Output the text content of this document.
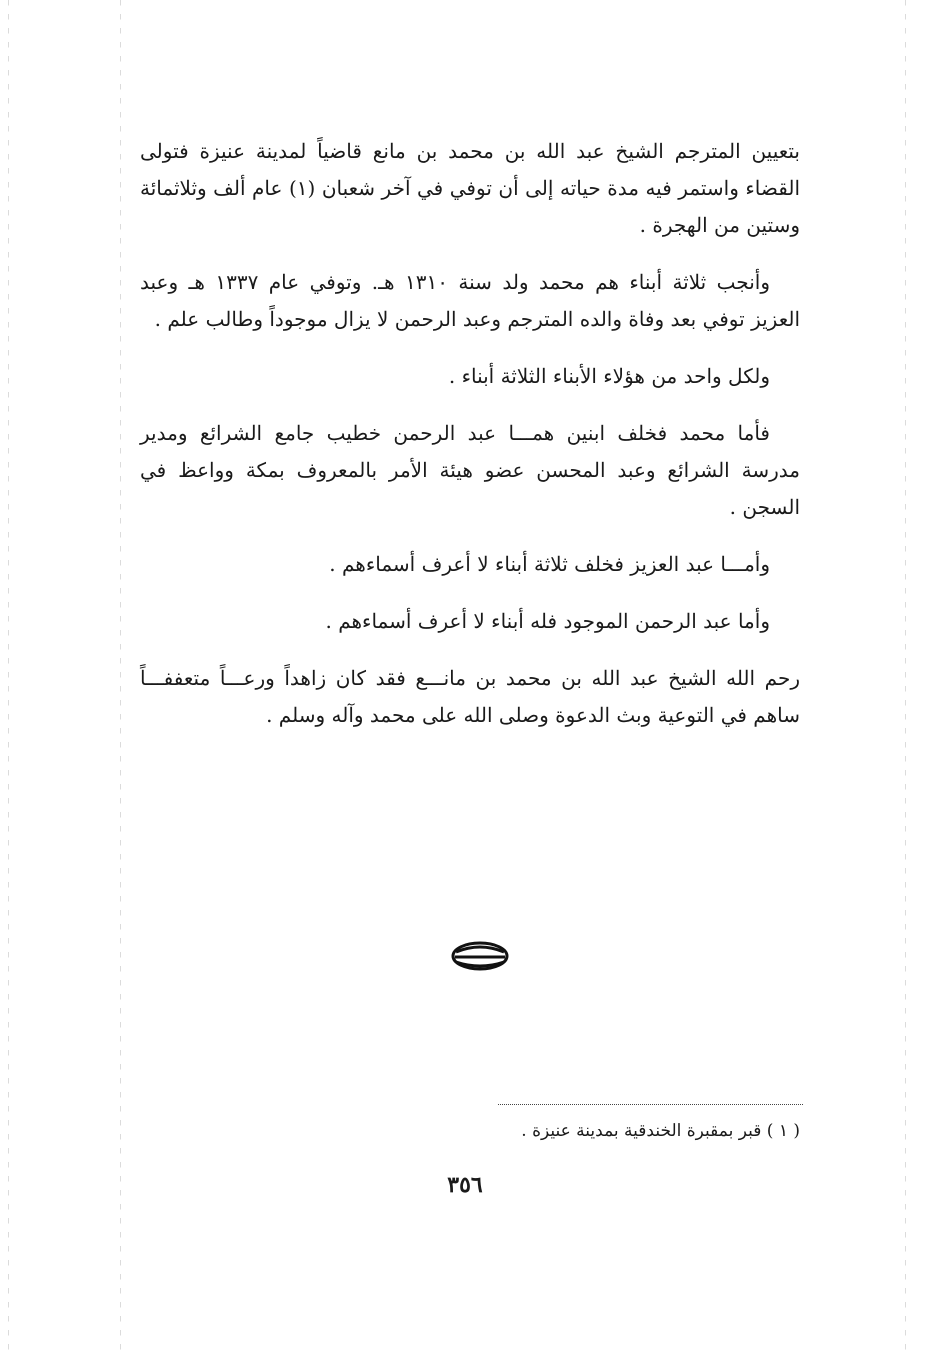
بتعيين المترجم الشيخ عبد الله بن محمد بن مانع قاضياً لمدينة عنيزة فتولى القضاء واستمر فيه مدة حياته إلى أن توفي في آخر شعبان (١) عام ألف وثلاثمائة وستين من الهجرة .

وأنجب ثلاثة أبناء هم محمد ولد سنة ١٣١٠ هـ. وتوفي عام ١٣٣٧ هـ وعبد العزيز توفي بعد وفاة والده المترجم وعبد الرحمن لا يزال موجوداً وطالب علم .

ولكل واحد من هؤلاء الأبناء الثلاثة أبناء .

فأما محمد فخلف ابنين همـــا عبد الرحمن خطيب جامع الشرائع ومدير مدرسة الشرائع وعبد المحسن عضو هيئة الأمر بالمعروف بمكة وواعظ في السجن .

وأمـــا عبد العزيز فخلف ثلاثة أبناء لا أعرف أسماءهم .

وأما عبد الرحمن الموجود فله أبناء لا أعرف أسماءهم .

رحم الله الشيخ عبد الله بن محمد بن مانـــع فقد كان زاهداً ورعـــاً متعففـــاً ساهم في التوعية وبث الدعوة وصلى الله على محمد وآله وسلم .

( ١ ) قبر بمقبرة الخندقية بمدينة عنيزة .
٣٥٦
